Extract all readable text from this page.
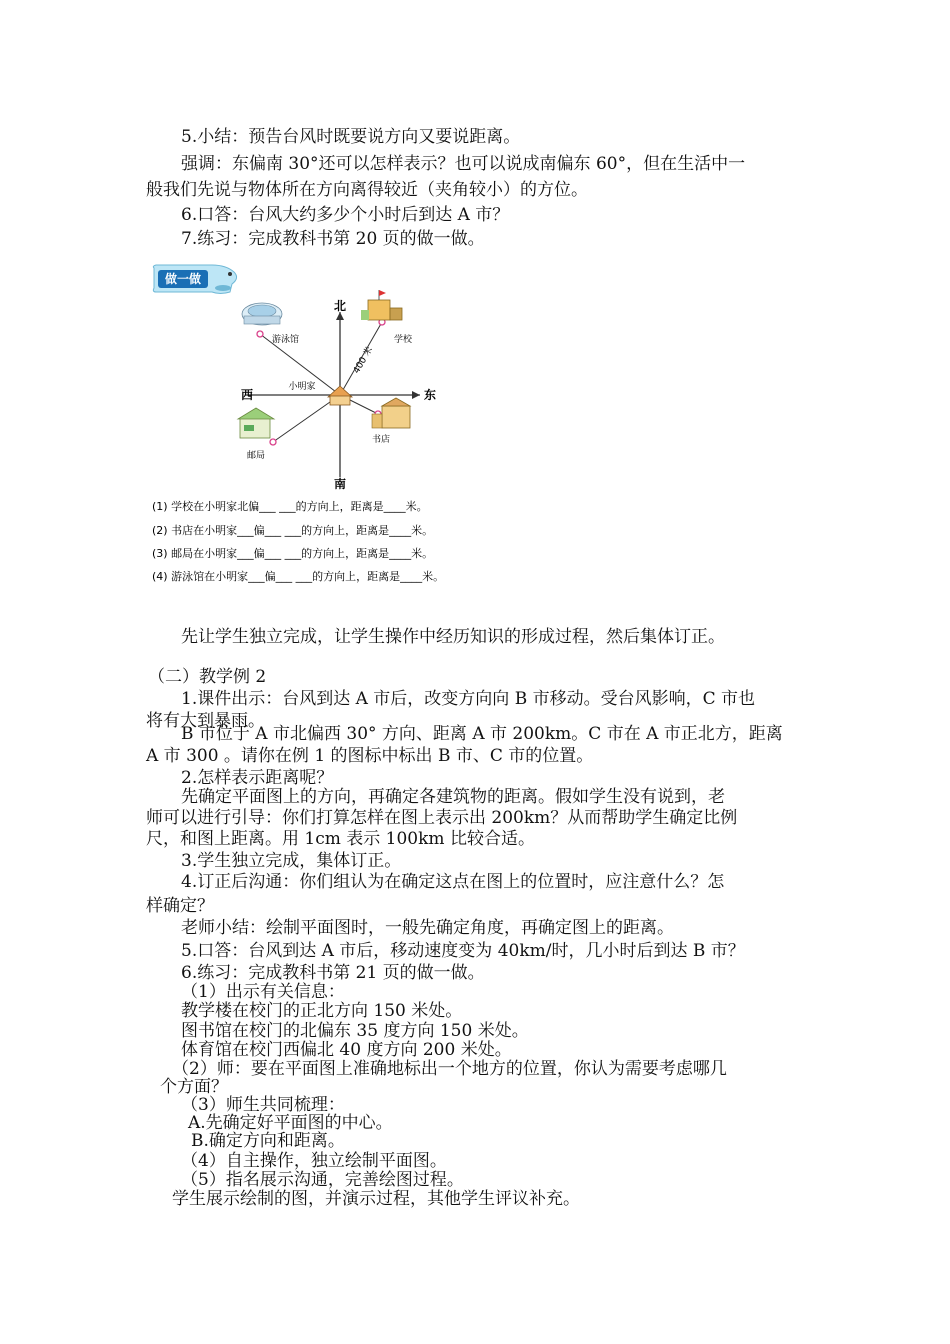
5.小结：预告台风时既要说方向又要说距离。
强调：东偏南 30°还可以怎样表示？也可以说成南偏东 60°，但在生活中一
般我们先说与物体所在方向离得较近（夹角较小）的方位。
6.口答：台风大约多少个小时后到达 A 市？
7.练习：完成教科书第 20 页的做一做。
做一做
北
南
东
西
400 米
小明家
学校
游泳馆
书店
邮局
(1) 学校在小明家北偏___ ___的方向上，距离是____米。
(2) 书店在小明家___偏___ ___的方向上，距离是____米。
(3) 邮局在小明家___偏___ ___的方向上，距离是____米。
(4) 游泳馆在小明家___偏___ ___的方向上，距离是____米。
先让学生独立完成，让学生操作中经历知识的形成过程，然后集体订正。
（二）教学例 2
1.课件出示：台风到达 A 市后，改变方向向 B 市移动。受台风影响，C 市也
将有大到暴雨。
B 市位于 A 市北偏西 30° 方向、距离 A 市 200km。C 市在 A 市正北方，距离
A 市 300 。请你在例 1 的图标中标出 B 市、C 市的位置。
2.怎样表示距离呢？
先确定平面图上的方向，再确定各建筑物的距离。假如学生没有说到，老
师可以进行引导：你们打算怎样在图上表示出 200km？从而帮助学生确定比例
尺，和图上距离。用 1cm 表示 100km 比较合适。
3.学生独立完成，集体订正。
4.订正后沟通：你们组认为在确定这点在图上的位置时，应注意什么？怎
样确定？
老师小结：绘制平面图时，一般先确定角度，再确定图上的距离。
5.口答：台风到达 A 市后，移动速度变为 40km/时，几小时后到达 B 市？
6.练习：完成教科书第 21 页的做一做。
（1）出示有关信息：
教学楼在校门的正北方向 150 米处。
图书馆在校门的北偏东 35 度方向 150 米处。
体育馆在校门西偏北 40 度方向 200 米处。
（2）师：要在平面图上准确地标出一个地方的位置，你认为需要考虑哪几
个方面？
（3）师生共同梳理：
A.先确定好平面图的中心。
B.确定方向和距离。
（4）自主操作，独立绘制平面图。
（5）指名展示沟通，完善绘图过程。
学生展示绘制的图，并演示过程，其他学生评议补充。
